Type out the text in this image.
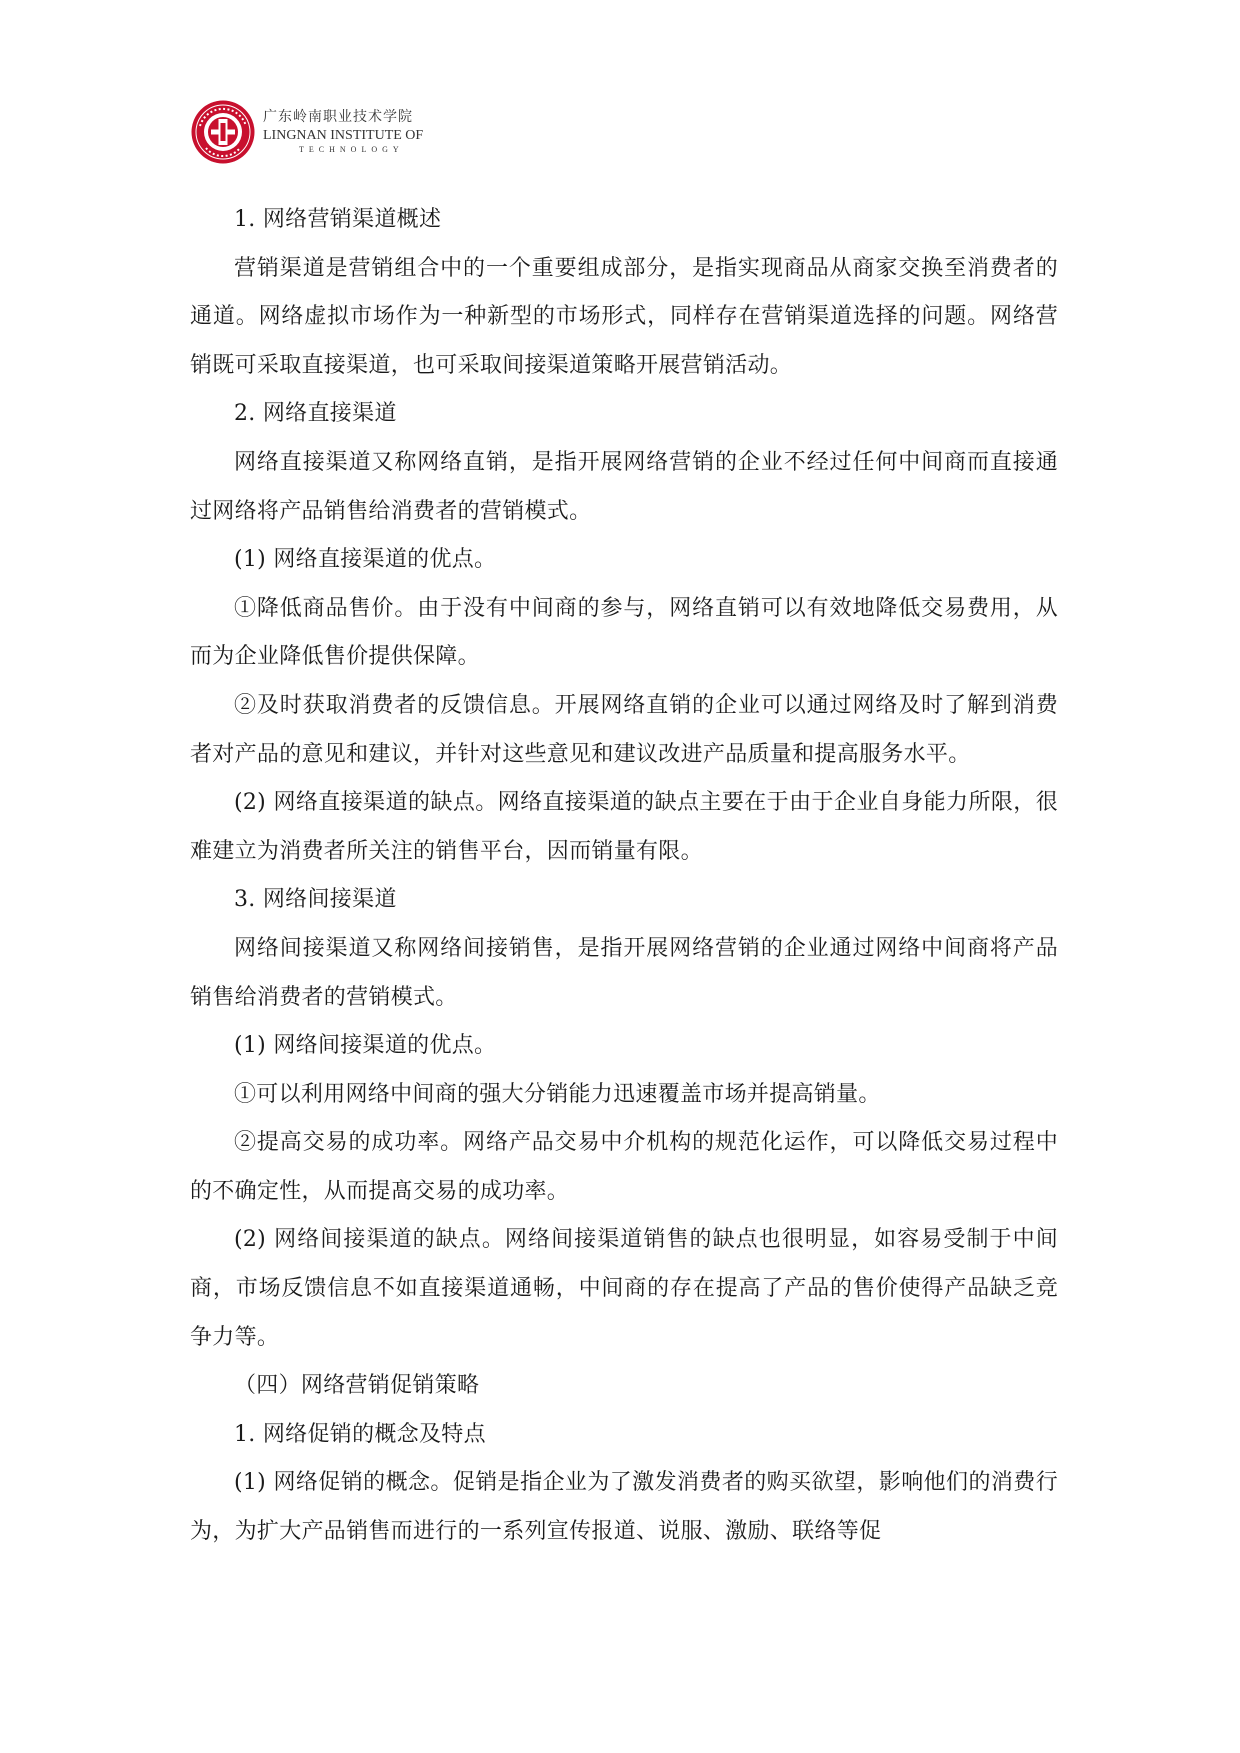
广东岭南职业技术学院
LINGNAN INSTITUTE OF
TECHNOLOGY

1. 网络营销渠道概述

营销渠道是营销组合中的一个重要组成部分，是指实现商品从商家交换至消费者的通道。网络虚拟市场作为一种新型的市场形式，同样存在营销渠道选择的问题。网络营销既可采取直接渠道，也可采取间接渠道策略开展营销活动。

2. 网络直接渠道

网络直接渠道又称网络直销，是指开展网络营销的企业不经过任何中间商而直接通过网络将产品销售给消费者的营销模式。

(1) 网络直接渠道的优点。

①降低商品售价。由于没有中间商的参与，网络直销可以有效地降低交易费用，从而为企业降低售价提供保障。

②及时获取消费者的反馈信息。开展网络直销的企业可以通过网络及时了解到消费者对产品的意见和建议，并针对这些意见和建议改进产品质量和提高服务水平。

(2) 网络直接渠道的缺点。网络直接渠道的缺点主要在于由于企业自身能力所限，很难建立为消费者所关注的销售平台，因而销量有限。

3. 网络间接渠道

网络间接渠道又称网络间接销售，是指开展网络营销的企业通过网络中间商将产品销售给消费者的营销模式。

(1) 网络间接渠道的优点。

①可以利用网络中间商的强大分销能力迅速覆盖市场并提高销量。

②提高交易的成功率。网络产品交易中介机构的规范化运作，可以降低交易过程中的不确定性，从而提髙交易的成功率。

(2) 网络间接渠道的缺点。网络间接渠道销售的缺点也很明显，如容易受制于中间商，市场反馈信息不如直接渠道通畅，中间商的存在提高了产品的售价使得产品缺乏竞争力等。

（四）网络营销促销策略

1. 网络促销的概念及特点

(1) 网络促销的概念。促销是指企业为了激发消费者的购买欲望，影响他们的消费行为，为扩大产品销售而进行的一系列宣传报道、说服、激励、联络等促
